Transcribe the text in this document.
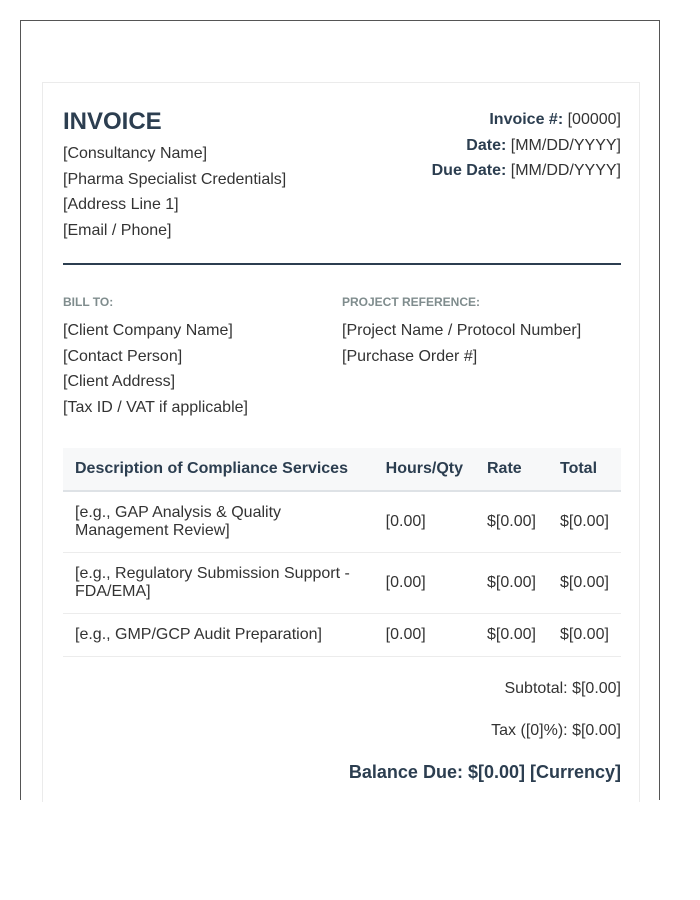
INVOICE
[Consultancy Name]
[Pharma Specialist Credentials]
[Address Line 1]
[Email / Phone]
Invoice #: [00000]
Date: [MM/DD/YYYY]
Due Date: [MM/DD/YYYY]
BILL TO:
[Client Company Name]
[Contact Person]
[Client Address]
[Tax ID / VAT if applicable]
PROJECT REFERENCE:
[Project Name / Protocol Number]
[Purchase Order #]
Description of Compliance Services	Hours/Qty	Rate	Total
[e.g., GAP Analysis & Quality Management Review]	[0.00]	$[0.00]	$[0.00]
[e.g., Regulatory Submission Support - FDA/EMA]	[0.00]	$[0.00]	$[0.00]
[e.g., GMP/GCP Audit Preparation]	[0.00]	$[0.00]	$[0.00]
Subtotal: $[0.00]
Tax ([0]%): $[0.00]
Balance Due: $[0.00] [Currency]
